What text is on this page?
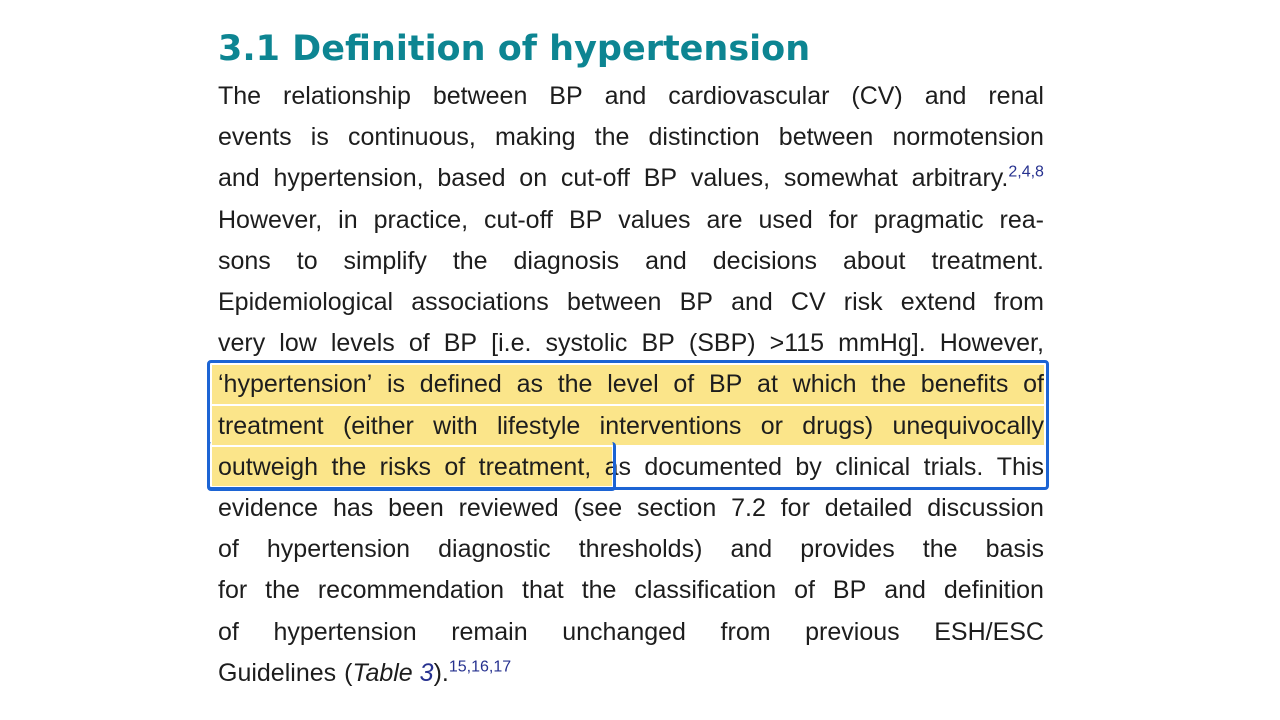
3.1 Definition of hypertension
The relationship between BP and cardiovascular (CV) and renal
events is continuous, making the distinction between normotension
and hypertension, based on cut-off BP values, somewhat arbitrary.$^{2,4,8}$
However, in practice, cut-off BP values are used for pragmatic rea-
sons to simplify the diagnosis and decisions about treatment.
Epidemiological associations between BP and CV risk extend from
very low levels of BP [i.e. systolic BP (SBP) >115 mmHg]. However,
‘hypertension’ is defined as the level of BP at which the benefits of
treatment (either with lifestyle interventions or drugs) unequivocally
outweigh the risks of treatment, as documented by clinical trials. This
evidence has been reviewed (see section 7.2 for detailed discussion
of hypertension diagnostic thresholds) and provides the basis
for the recommendation that the classification of BP and definition
of hypertension remain unchanged from previous ESH/ESC
Guidelines (Table 3).$^{15,16,17}$
